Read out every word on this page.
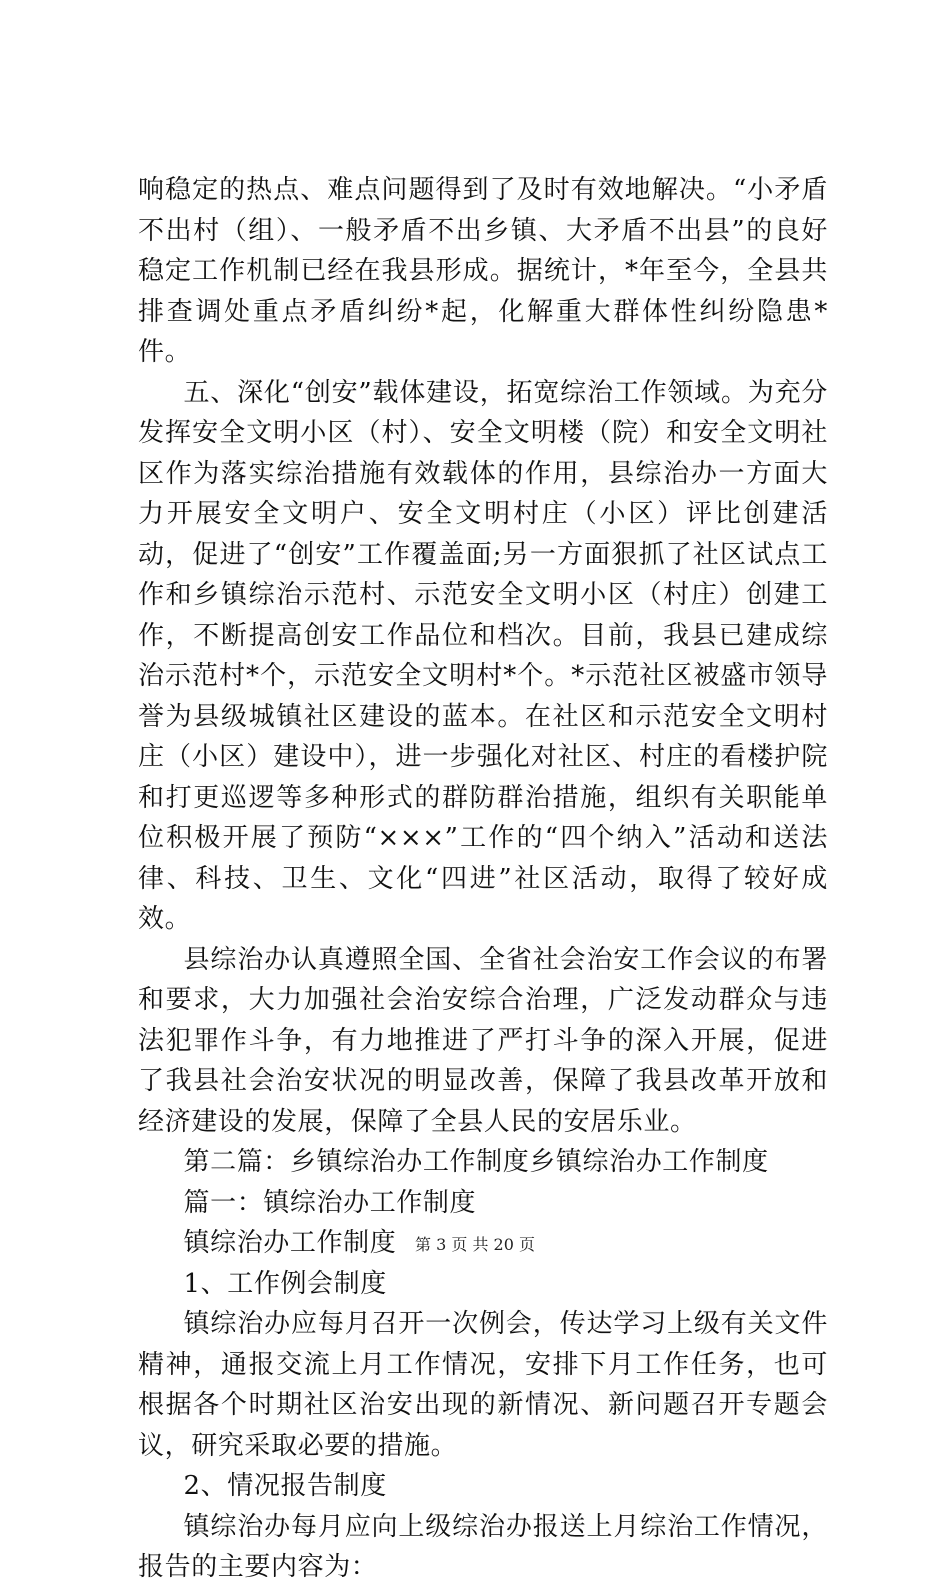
响稳定的热点、难点问题得到了及时有效地解决。“小矛盾不出村（组）、一般矛盾不出乡镇、大矛盾不出县”的良好稳定工作机制已经在我县形成。据统计，*年至今，全县共排查调处重点矛盾纠纷*起，化解重大群体性纠纷隐患*件。

五、深化“创安”载体建设，拓宽综治工作领域。为充分发挥安全文明小区（村）、安全文明楼（院）和安全文明社区作为落实综治措施有效载体的作用，县综治办一方面大力开展安全文明户、安全文明村庄（小区）评比创建活动，促进了“创安”工作覆盖面;另一方面狠抓了社区试点工作和乡镇综治示范村、示范安全文明小区（村庄）创建工作，不断提高创安工作品位和档次。目前，我县已建成综治示范村*个，示范安全文明村*个。*示范社区被盛市领导誉为县级城镇社区建设的蓝本。在社区和示范安全文明村庄（小区）建设中），进一步强化对社区、村庄的看楼护院和打更巡逻等多种形式的群防群治措施，组织有关职能单位积极开展了预防“×××”工作的“四个纳入”活动和送法律、科技、卫生、文化“四进”社区活动，取得了较好成效。

县综治办认真遵照全国、全省社会治安工作会议的布署和要求，大力加强社会治安综合治理，广泛发动群众与违法犯罪作斗争，有力地推进了严打斗争的深入开展，促进了我县社会治安状况的明显改善，保障了我县改革开放和经济建设的发展，保障了全县人民的安居乐业。

第二篇：乡镇综治办工作制度乡镇综治办工作制度

篇一：镇综治办工作制度

镇综治办工作制度

1、工作例会制度

镇综治办应每月召开一次例会，传达学习上级有关文件精神，通报交流上月工作情况，安排下月工作任务，也可根据各个时期社区治安出现的新情况、新问题召开专题会议，研究采取必要的措施。

2、情况报告制度

镇综治办每月应向上级综治办报送上月综治工作情况，报告的主要内容为：

第 3 页 共 20 页
